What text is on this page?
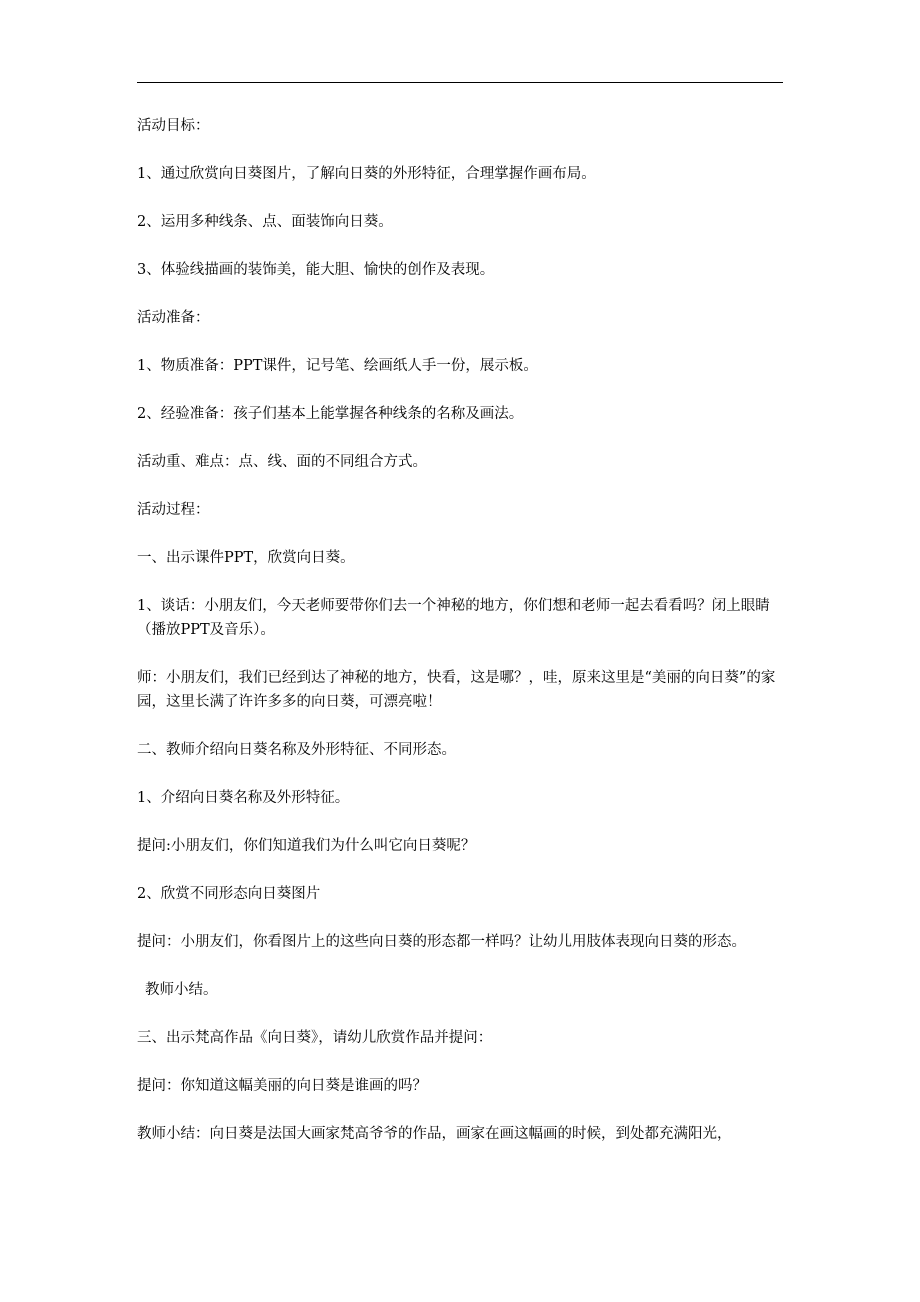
活动目标：

1、通过欣赏向日葵图片，了解向日葵的外形特征，合理掌握作画布局。

2、运用多种线条、点、面装饰向日葵。

3、体验线描画的装饰美，能大胆、愉快的创作及表现。

活动准备：

1、物质准备：PPT课件，记号笔、绘画纸人手一份，展示板。

2、经验准备：孩子们基本上能掌握各种线条的名称及画法。

活动重、难点：点、线、面的不同组合方式。

活动过程：

一、出示课件PPT，欣赏向日葵。

1、谈话：小朋友们，今天老师要带你们去一个神秘的地方，你们想和老师一起去看看吗？闭上眼睛（播放PPT及音乐）。

师：小朋友们，我们已经到达了神秘的地方，快看，这是哪？，哇，原来这里是“美丽的向日葵”的家园，这里长满了许许多多的向日葵，可漂亮啦！

二、教师介绍向日葵名称及外形特征、不同形态。

1、介绍向日葵名称及外形特征。

提问:小朋友们，你们知道我们为什么叫它向日葵呢？

2、欣赏不同形态向日葵图片

提问：小朋友们，你看图片上的这些向日葵的形态都一样吗？让幼儿用肢体表现向日葵的形态。

教师小结。

三、出示梵高作品《向日葵》，请幼儿欣赏作品并提问：

提问：你知道这幅美丽的向日葵是谁画的吗？

教师小结：向日葵是法国大画家梵高爷爷的作品，画家在画这幅画的时候，到处都充满阳光，
